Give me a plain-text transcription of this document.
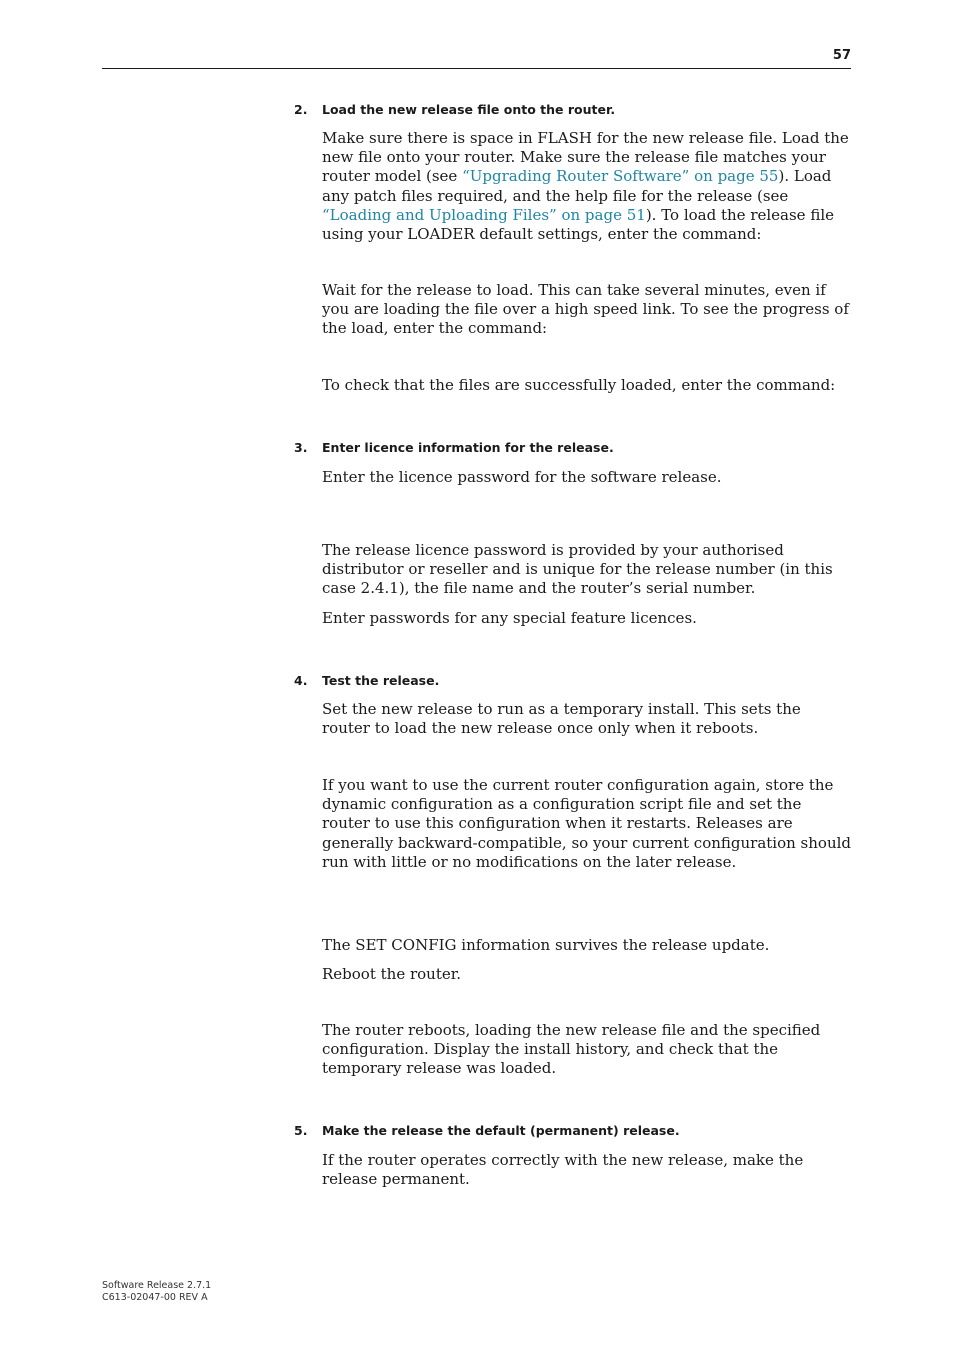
57
2. Load the new release file onto the router.
Make sure there is space in FLASH for the new release file. Load the new file onto your router. Make sure the release file matches your router model (see “Upgrading Router Software” on page 55). Load any patch files required, and the help file for the release (see “Loading and Uploading Files” on page 51). To load the release file using your LOADER default settings, enter the command:
Wait for the release to load. This can take several minutes, even if you are loading the file over a high speed link. To see the progress of the load, enter the command:
To check that the files are successfully loaded, enter the command:
3. Enter licence information for the release.
Enter the licence password for the software release.
The release licence password is provided by your authorised distributor or reseller and is unique for the release number (in this case 2.4.1), the file name and the router’s serial number.
Enter passwords for any special feature licences.
4. Test the release.
Set the new release to run as a temporary install. This sets the router to load the new release once only when it reboots.
If you want to use the current router configuration again, store the dynamic configuration as a configuration script file and set the router to use this configuration when it restarts. Releases are generally backward-compatible, so your current configuration should run with little or no modifications on the later release.
The SET CONFIG information survives the release update.
Reboot the router.
The router reboots, loading the new release file and the specified configuration. Display the install history, and check that the temporary release was loaded.
5. Make the release the default (permanent) release.
If the router operates correctly with the new release, make the release permanent.
Software Release 2.7.1
C613-02047-00 REV A
